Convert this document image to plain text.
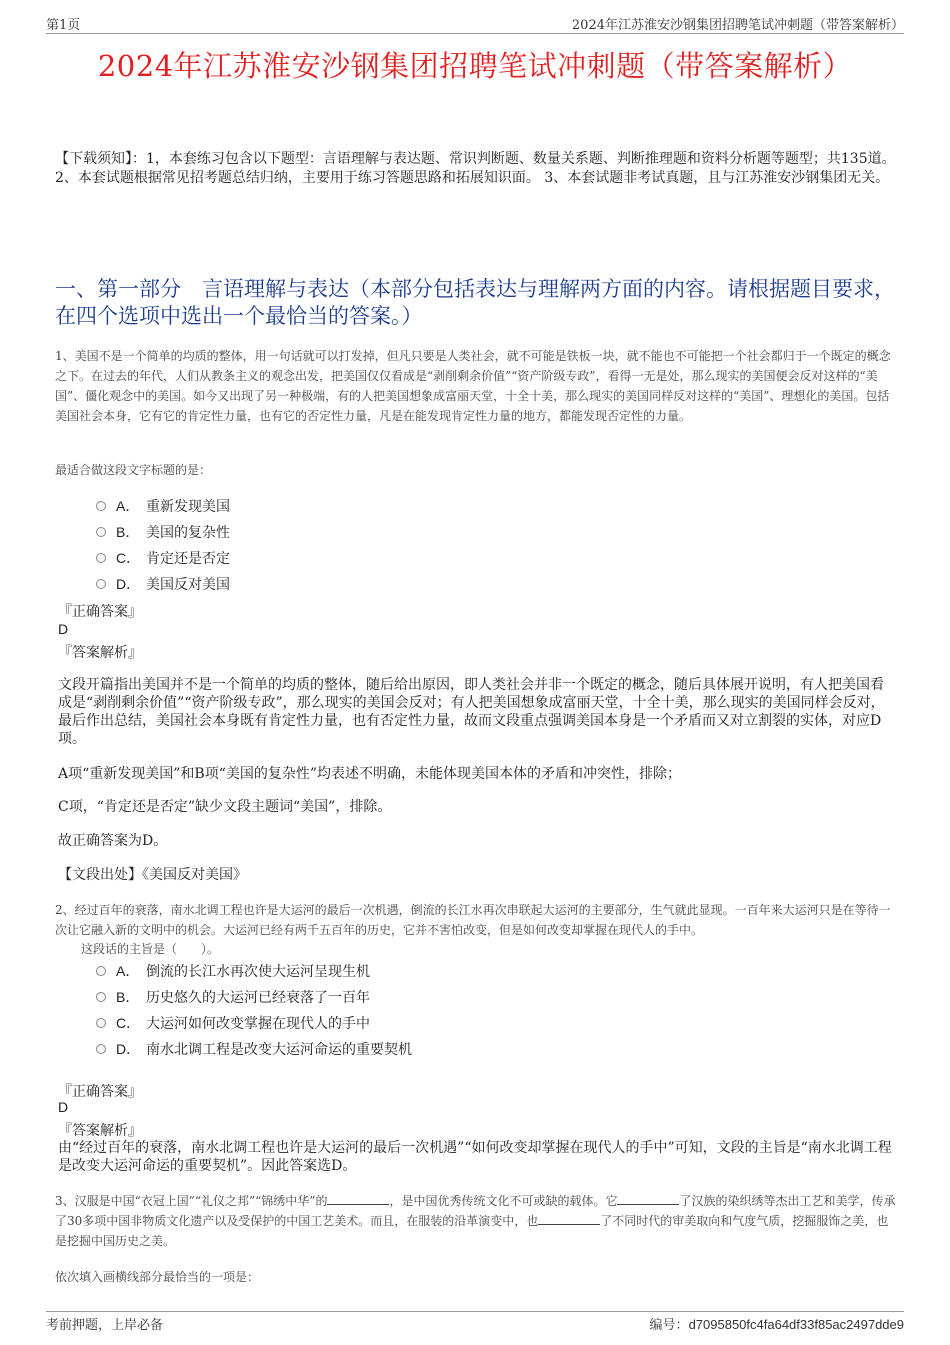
第1页	2024年江苏淮安沙钢集团招聘笔试冲刺题（带答案解析）
2024年江苏淮安沙钢集团招聘笔试冲刺题（带答案解析）
【下载须知】：1，本套练习包含以下题型：言语理解与表达题、常识判断题、数量关系题、判断推理题和资料分析题等题型；共135道。 2、本套试题根据常见招考题总结归纳，主要用于练习答题思路和拓展知识面。 3、本套试题非考试真题，且与江苏淮安沙钢集团无关。
一、第一部分　言语理解与表达（本部分包括表达与理解两方面的内容。请根据题目要求，在四个选项中选出一个最恰当的答案。）
1、美国不是一个简单的均质的整体，用一句话就可以打发掉，但凡只要是人类社会，就不可能是铁板一块，就不能也不可能把一个社会都归于一个既定的概念之下。在过去的年代，人们从教条主义的观念出发，把美国仅仅看成是“剥削剩余价值”“资产阶级专政”，看得一无是处，那么现实的美国便会反对这样的“美国”、僵化观念中的美国。如今又出现了另一种极端，有的人把美国想象成富丽天堂，十全十美，那么现实的美国同样反对这样的“美国”、理想化的美国。包括美国社会本身，它有它的肯定性力量，也有它的否定性力量，凡是在能发现肯定性力量的地方，都能发现否定性的力量。
最适合做这段文字标题的是：
A． 重新发现美国
B． 美国的复杂性
C． 肯定还是否定
D． 美国反对美国
『正确答案』
D
『答案解析』
文段开篇指出美国并不是一个简单的均质的整体，随后给出原因，即人类社会并非一个既定的概念，随后具体展开说明，有人把美国看成是“剥削剩余价值”“资产阶级专政”，那么现实的美国会反对；有人把美国想象成富丽天堂，十全十美，那么现实的美国同样会反对，最后作出总结，美国社会本身既有肯定性力量，也有否定性力量，故而文段重点强调美国本身是一个矛盾而又对立割裂的实体，对应D项。
A项“重新发现美国”和B项“美国的复杂性”均表述不明确，未能体现美国本体的矛盾和冲突性，排除；
C项，“肯定还是否定”缺少文段主题词“美国”，排除。
故正确答案为D。
【文段出处】《美国反对美国》
2、经过百年的衰落，南水北调工程也许是大运河的最后一次机遇，倒流的长江水再次串联起大运河的主要部分，生气就此显现。一百年来大运河只是在等待一次让它融入新的文明中的机会。大运河已经有两千五百年的历史，它并不害怕改变，但是如何改变却掌握在现代人的手中。
这段话的主旨是（　　）。
A． 倒流的长江水再次使大运河呈现生机
B． 历史悠久的大运河已经衰落了一百年
C． 大运河如何改变掌握在现代人的手中
D． 南水北调工程是改变大运河命运的重要契机
『正确答案』
D
『答案解析』
由“经过百年的衰落，南水北调工程也许是大运河的最后一次机遇”“如何改变却掌握在现代人的手中”可知，文段的主旨是“南水北调工程是改变大运河命运的重要契机”。因此答案选D。
3、汉服是中国“衣冠上国”“礼仪之邦”“锦绣中华”的	，是中国优秀传统文化不可或缺的载体。它	了汉族的染织绣等杰出工艺和美学，传承了30多项中国非物质文化遗产以及受保护的中国工艺美术。而且，在服装的沿革演变中，也	了不同时代的审美取向和气度气质，挖掘服饰之美，也是挖掘中国历史之美。
依次填入画横线部分最恰当的一项是：
考前押题，上岸必备	编号：d7095850fc4fa64df33f85ac2497dde9
